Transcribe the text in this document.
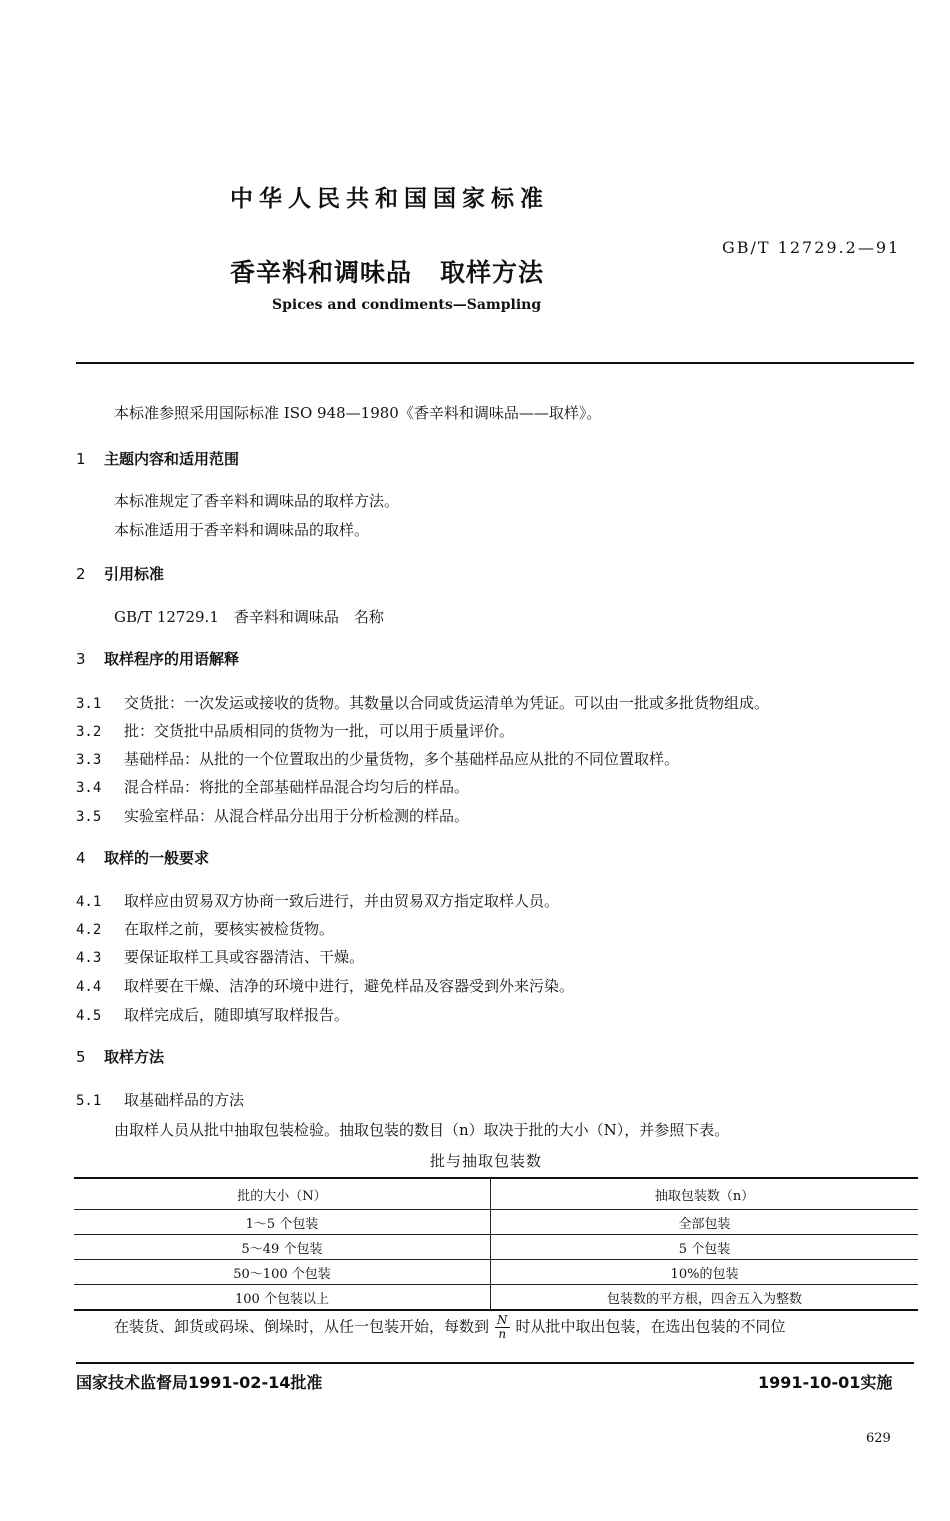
中华人民共和国国家标准
GB/T 12729.2—91
香辛料和调味品 取样方法
Spices and condiments—Sampling
本标准参照采用国际标准 ISO 948—1980《香辛料和调味品——取样》。
1 主题内容和适用范围
本标准规定了香辛料和调味品的取样方法。
本标准适用于香辛料和调味品的取样。
2 引用标准
GB/T 12729.1　香辛料和调味品　名称
3 取样程序的用语解释
3.1 交货批：一次发运或接收的货物。其数量以合同或货运清单为凭证。可以由一批或多批货物组成。
3.2 批：交货批中品质相同的货物为一批，可以用于质量评价。
3.3 基础样品：从批的一个位置取出的少量货物，多个基础样品应从批的不同位置取样。
3.4 混合样品：将批的全部基础样品混合均匀后的样品。
3.5 实验室样品：从混合样品分出用于分析检测的样品。
4 取样的一般要求
4.1 取样应由贸易双方协商一致后进行，并由贸易双方指定取样人员。
4.2 在取样之前，要核实被检货物。
4.3 要保证取样工具或容器清洁、干燥。
4.4 取样要在干燥、洁净的环境中进行，避免样品及容器受到外来污染。
4.5 取样完成后，随即填写取样报告。
5 取样方法
5.1 取基础样品的方法
由取样人员从批中抽取包装检验。抽取包装的数目（n）取决于批的大小（N），并参照下表。
批与抽取包装数
批的大小（N）	抽取包装数（n）
1～5 个包装	全部包装
5～49 个包装	5 个包装
50～100 个包装	10%的包装
100 个包装以上	包装数的平方根，四舍五入为整数
在装货、卸货或码垛、倒垛时，从任一包装开始，每数到 $\frac{N}{n}$ 时从批中取出包装，在选出包装的不同位
国家技术监督局1991-02-14批准	1991-10-01实施
629
